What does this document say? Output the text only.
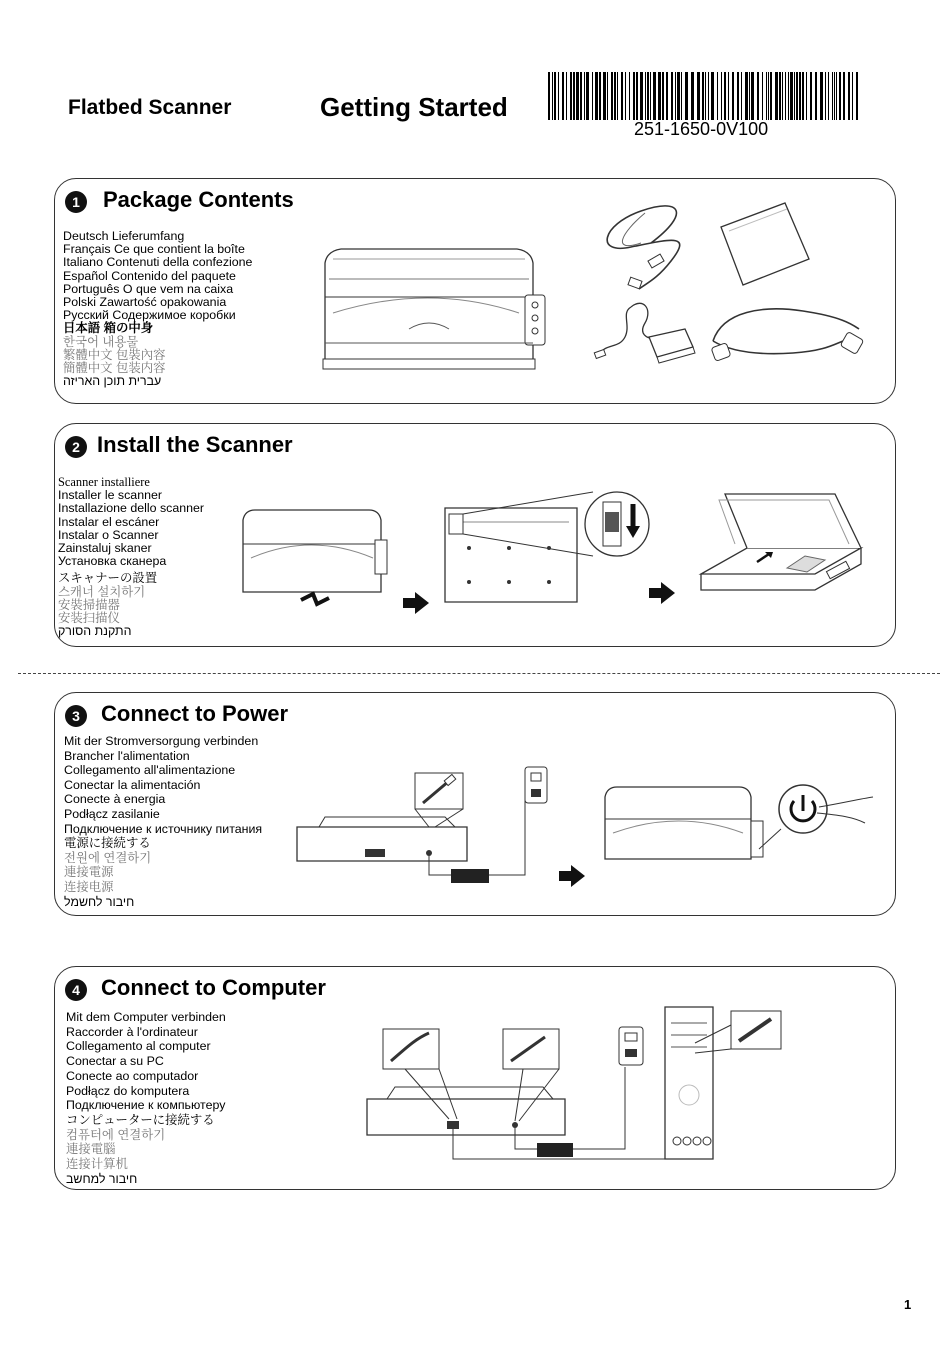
Flatbed Scanner	Getting Started
251-1650-0V100
1	Package Contents
Deutsch Lieferumfang
Français Ce que contient la boîte
Italiano Contenuti della confezione
Español Contenido del paquete
Português O que vem na caixa
Polski Zawartość opakowania
Русский Содержимое коробки
日本語 箱の中身
한국어 내용물
繁體中文 包裝內容
簡體中文 包装内容
עברית תוכן האריזה
2 Install the Scanner
Scanner installiere
Installer le scanner
Installazione dello scanner
Instalar el escáner
Instalar o Scanner
Zainstaluj skaner
Установка сканера
スキャナーの設置
스캐너 설치하기
安裝掃描器
安装扫描仪
התקנת הסורק
3 Connect to Power
Mit der Stromversorgung verbinden
Brancher l'alimentation
Collegamento all'alimentazione
Conectar la alimentación
Conecte à energia
Podłącz zasilanie
Подключение к источнику питания
電源に接続する
전원에 연결하기
連接電源
连接电源
חיבור לחשמל
4 Connect to Computer
Mit dem Computer verbinden
Raccorder à l'ordinateur
Collegamento al computer
Conectar a su PC
Conecte ao computador
Podłącz do komputera
Подключение к компьютеру
コンピューターに接続する
컴퓨터에 연결하기
連接電腦
连接计算机
חיבור למחשב
1
